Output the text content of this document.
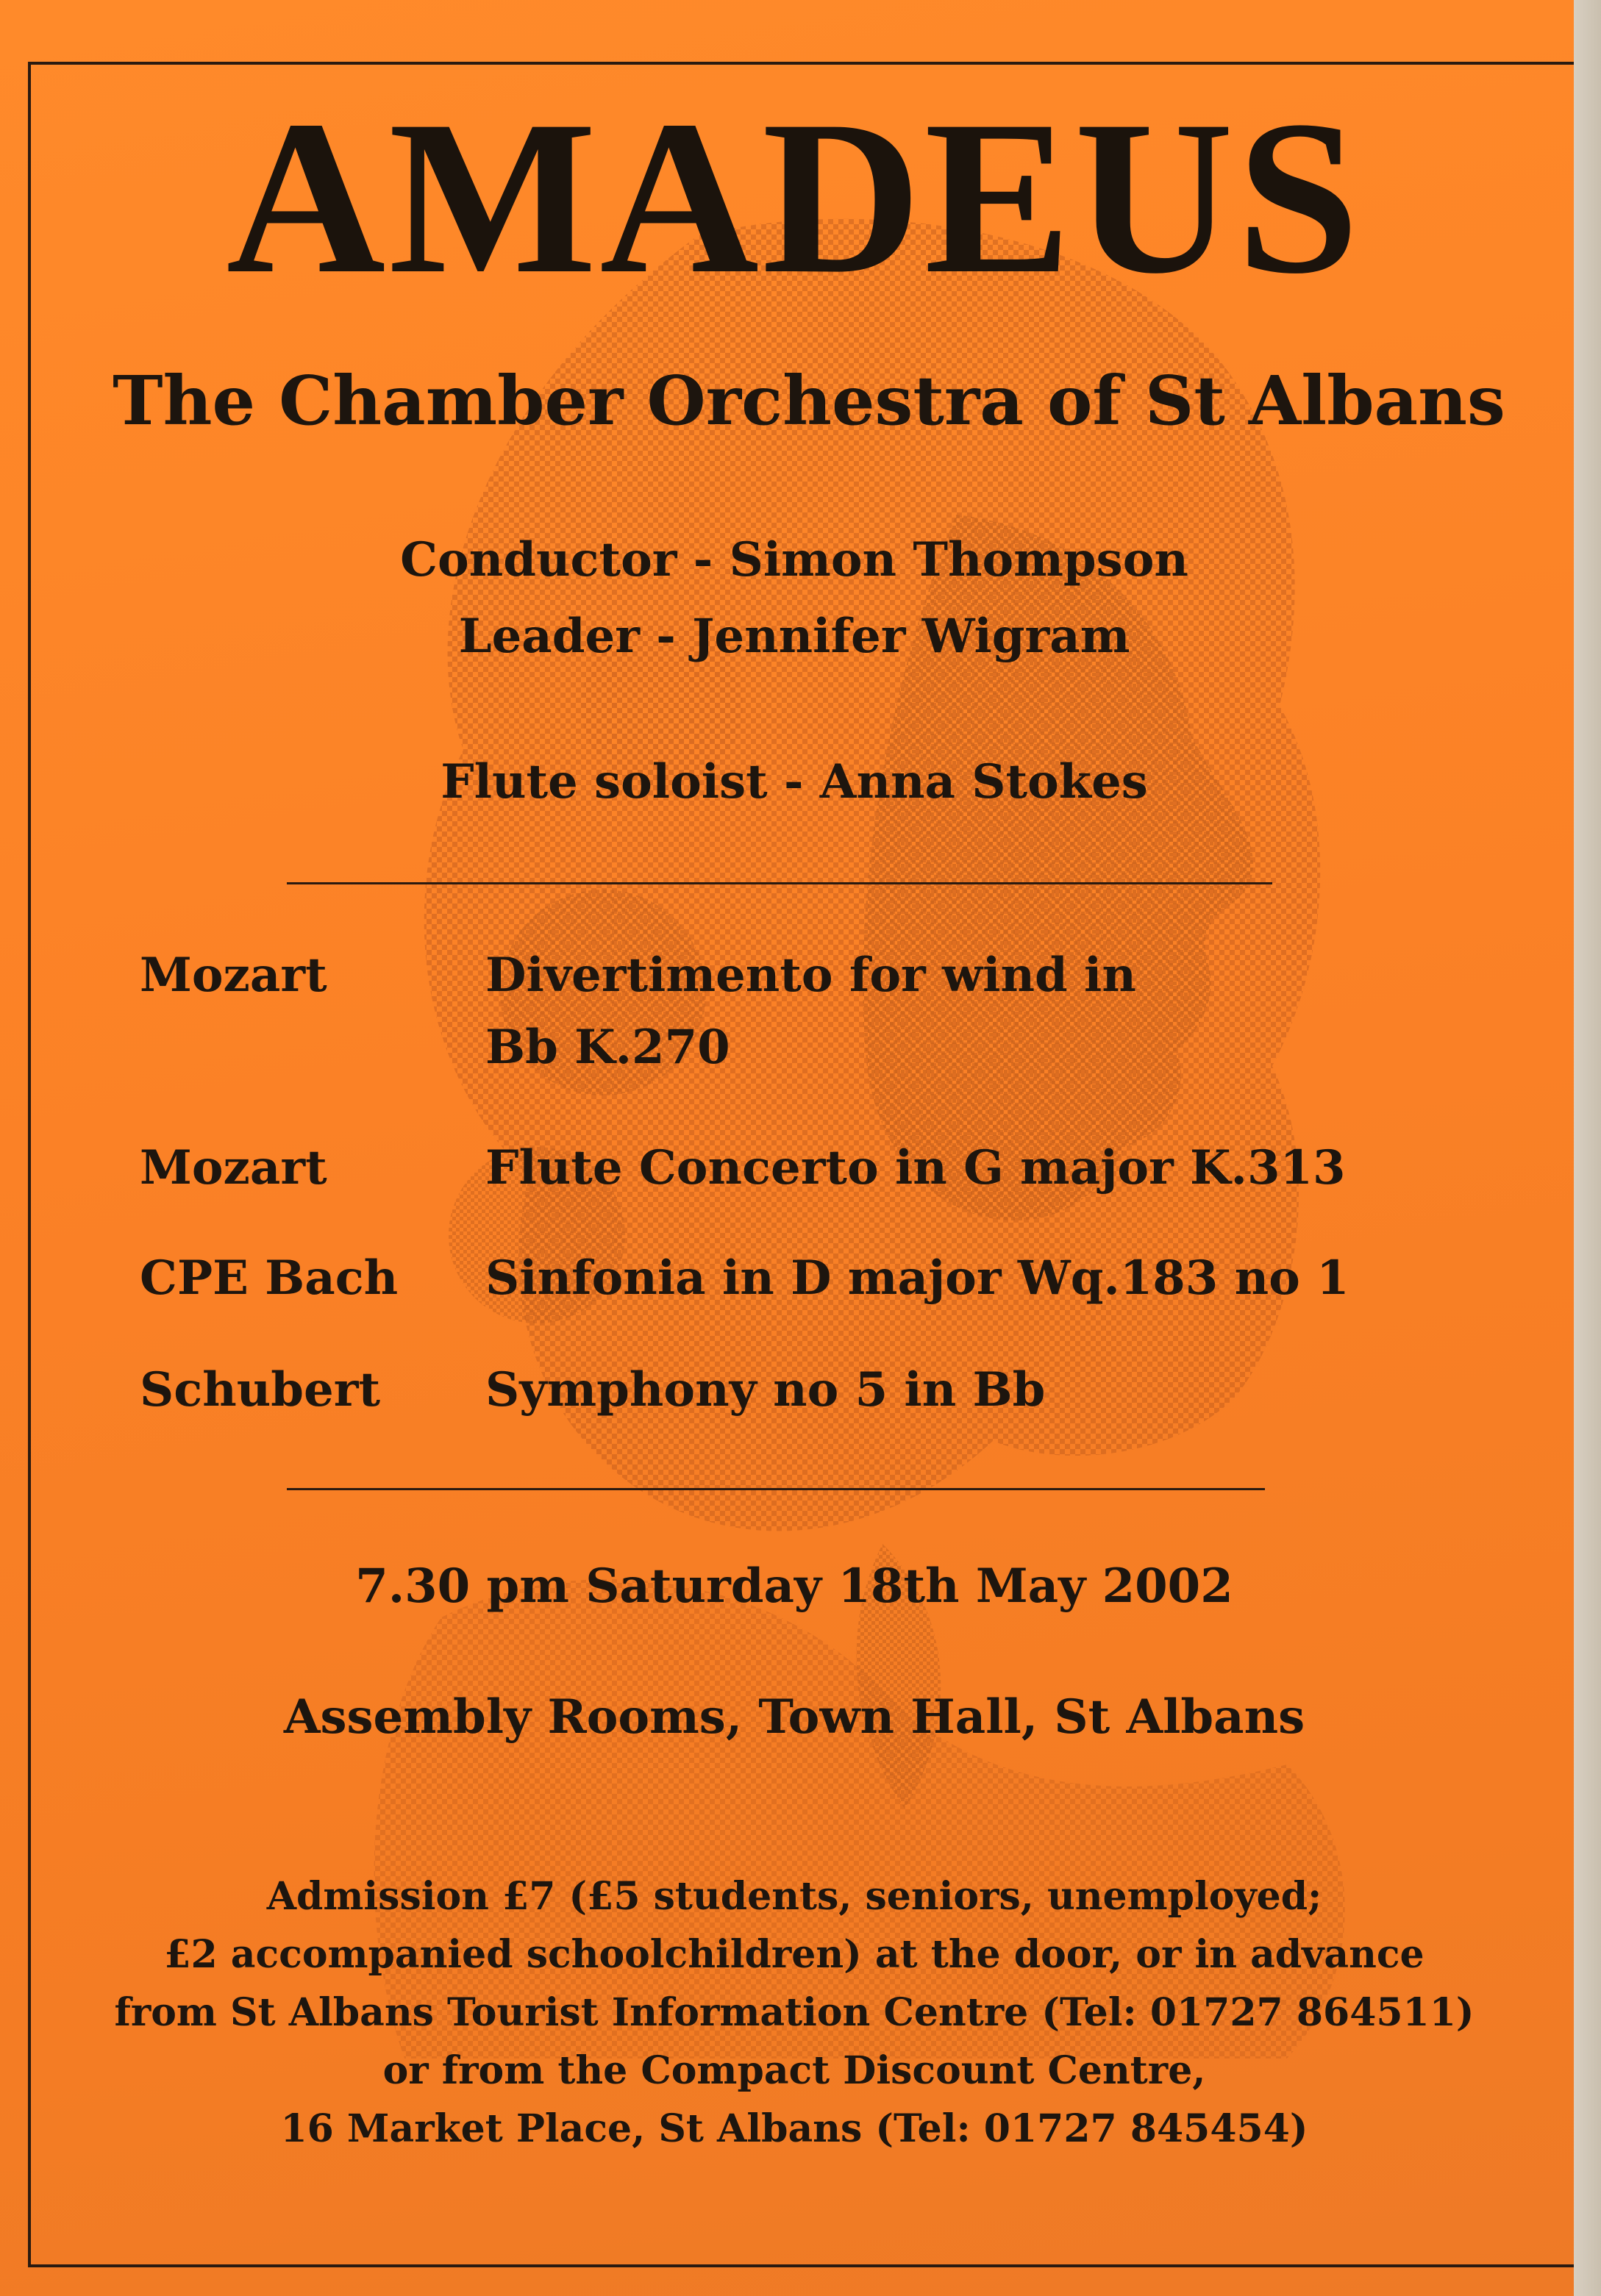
AMADEUS
The Chamber Orchestra of St Albans
Conductor - Simon Thompson
Leader - Jennifer Wigram
Flute soloist - Anna Stokes
Mozart	Divertimento for wind in
Bb K.270
Mozart	Flute Concerto in G major K.313
CPE Bach Sinfonia in D major Wq.183 no 1
Schubert Symphony no 5 in Bb
7.30 pm Saturday 18th May 2002
Assembly Rooms, Town Hall, St Albans
Admission £7 (£5 students, seniors, unemployed;
£2 accompanied schoolchildren) at the door, or in advance
from St Albans Tourist Information Centre (Tel: 01727 864511)
or from the Compact Discount Centre,
16 Market Place, St Albans (Tel: 01727 845454)
